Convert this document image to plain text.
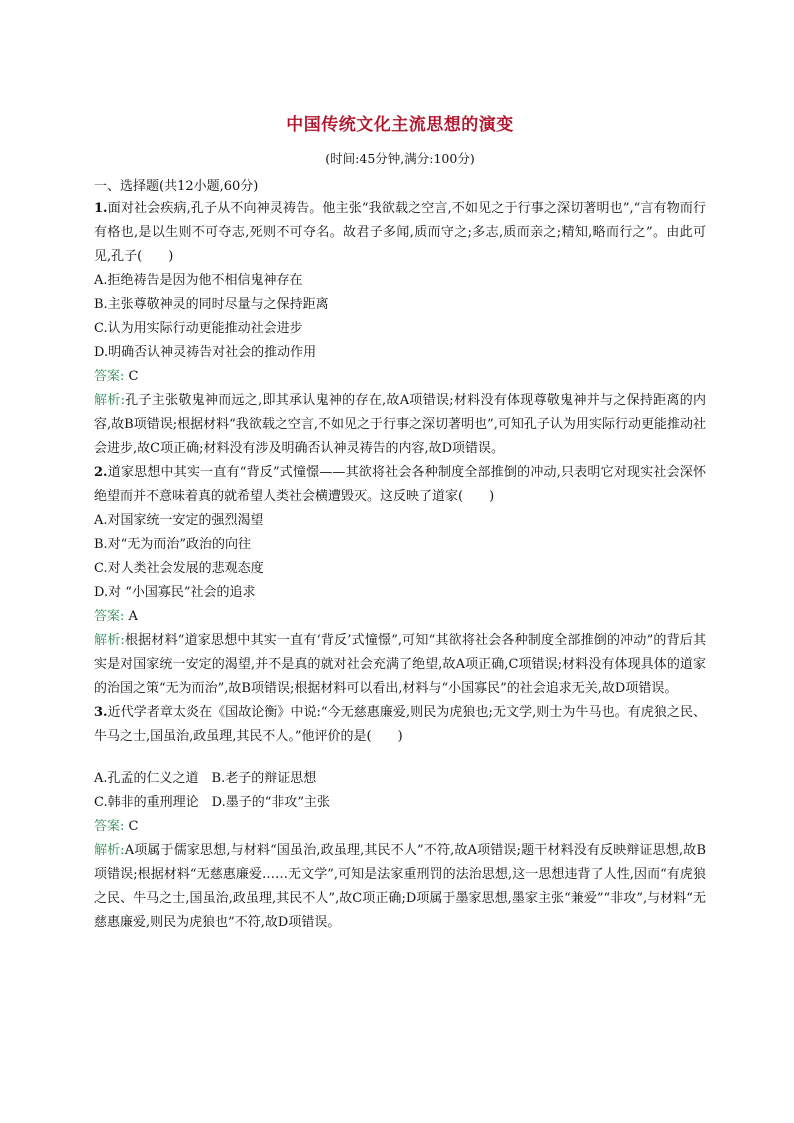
中国传统文化主流思想的演变

(时间:45分钟,满分:100分)

一、选择题(共12小题,60分)

1.面对社会疾病,孔子从不向神灵祷告。他主张“我欲载之空言,不如见之于行事之深切著明也”,“言有物而行有格也,是以生则不可夺志,死则不可夺名。故君子多闻,质而守之;多志,质而亲之;精知,略而行之”。由此可见,孔子(　　)

A.拒绝祷告是因为他不相信鬼神存在

B.主张尊敬神灵的同时尽量与之保持距离

C.认为用实际行动更能推动社会进步

D.明确否认神灵祷告对社会的推动作用

答案: C

解析:孔子主张敬鬼神而远之,即其承认鬼神的存在,故A项错误;材料没有体现尊敬鬼神并与之保持距离的内容,故B项错误;根据材料“我欲载之空言,不如见之于行事之深切著明也”,可知孔子认为用实际行动更能推动社会进步,故C项正确;材料没有涉及明确否认神灵祷告的内容,故D项错误。

2.道家思想中其实一直有“背反”式憧憬——其欲将社会各种制度全部推倒的冲动,只表明它对现实社会深怀绝望而并不意味着真的就希望人类社会横遭毁灭。这反映了道家(　　)

A.对国家统一安定的强烈渴望

B.对“无为而治”政治的向往

C.对人类社会发展的悲观态度

D.对 “小国寡民”社会的追求

答案: A

解析:根据材料“道家思想中其实一直有‘背反’式憧憬”,可知“其欲将社会各种制度全部推倒的冲动”的背后其实是对国家统一安定的渴望,并不是真的就对社会充满了绝望,故A项正确,C项错误;材料没有体现具体的道家的治国之策“无为而治”,故B项错误;根据材料可以看出,材料与“小国寡民”的社会追求无关,故D项错误。

3.近代学者章太炎在《国故论衡》中说:“今无慈惠廉爱,则民为虎狼也;无文学,则士为牛马也。有虎狼之民、牛马之士,国虽治,政虽理,其民不人。”他评价的是(　　)

A.孔孟的仁义之道　B.老子的辩证思想

C.韩非的重刑理论　D.墨子的“非攻”主张

答案: C

解析:A项属于儒家思想,与材料“国虽治,政虽理,其民不人”不符,故A项错误;题干材料没有反映辩证思想,故B项错误;根据材料“无慈惠廉爱……无文学”,可知是法家重刑罚的法治思想,这一思想违背了人性,因而“有虎狼之民、牛马之士,国虽治,政虽理,其民不人”,故C项正确;D项属于墨家思想,墨家主张“兼爱”“非攻”,与材料“无慈惠廉爱,则民为虎狼也”不符,故D项错误。
